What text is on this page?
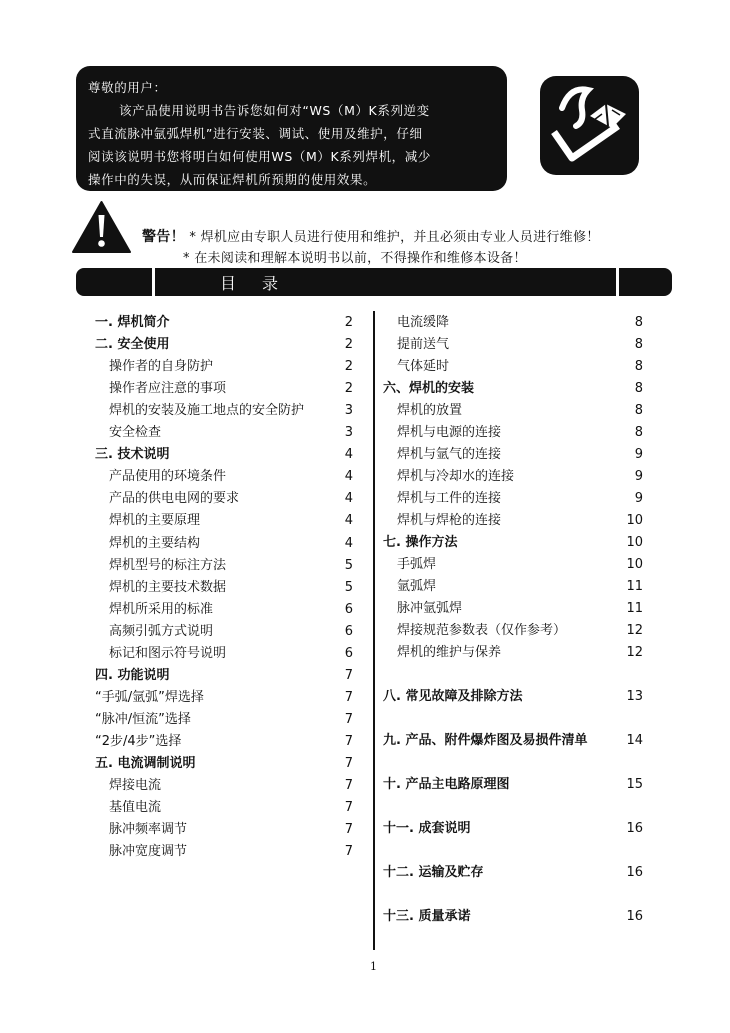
尊敬的用户：

该产品使用说明书告诉您如何对“WS（M）K系列逆变

式直流脉冲氩弧焊机”进行安装、调试、使用及维护，仔细

阅读该说明书您将明白如何使用WS（M）K系列焊机，减少

操作中的失误，从而保证焊机所预期的使用效果。

警告！ * 焊机应由专职人员进行使用和维护，并且必须由专业人员进行维修！
* 在未阅读和理解本说明书以前，不得操作和维修本设备！
目录
一. 焊机简介	2
二. 安全使用	2
操作者的自身防护	2
操作者应注意的事项	2
焊机的安装及施工地点的安全防护	3
安全检查	3
三. 技术说明	4
产品使用的环境条件	4
产品的供电电网的要求	4
焊机的主要原理	4
焊机的主要结构	4
焊机型号的标注方法	5
焊机的主要技术数据	5
焊机所采用的标准	6
高频引弧方式说明	6
标记和图示符号说明	6
四. 功能说明	7
“手弧/氩弧”焊选择	7
“脉冲/恒流”选择	7
“2步/4步”选择	7
五. 电流调制说明	7
焊接电流	7
基值电流	7
脉冲频率调节	7
脉冲宽度调节	7
电流缓降	8
提前送气	8
气体延时	8
六、焊机的安装	8
焊机的放置	8
焊机与电源的连接	8
焊机与氩气的连接	9
焊机与冷却水的连接	9
焊机与工件的连接	9
焊机与焊枪的连接	10
七. 操作方法	10
手弧焊	10
氩弧焊	11
脉冲氩弧焊	11
焊接规范参数表（仅作参考）	12
焊机的维护与保养	12
八. 常见故障及排除方法	13
九. 产品、附件爆炸图及易损件清单	14
十. 产品主电路原理图	15
十一. 成套说明	16
十二. 运输及贮存	16
十三. 质量承诺	16
1
